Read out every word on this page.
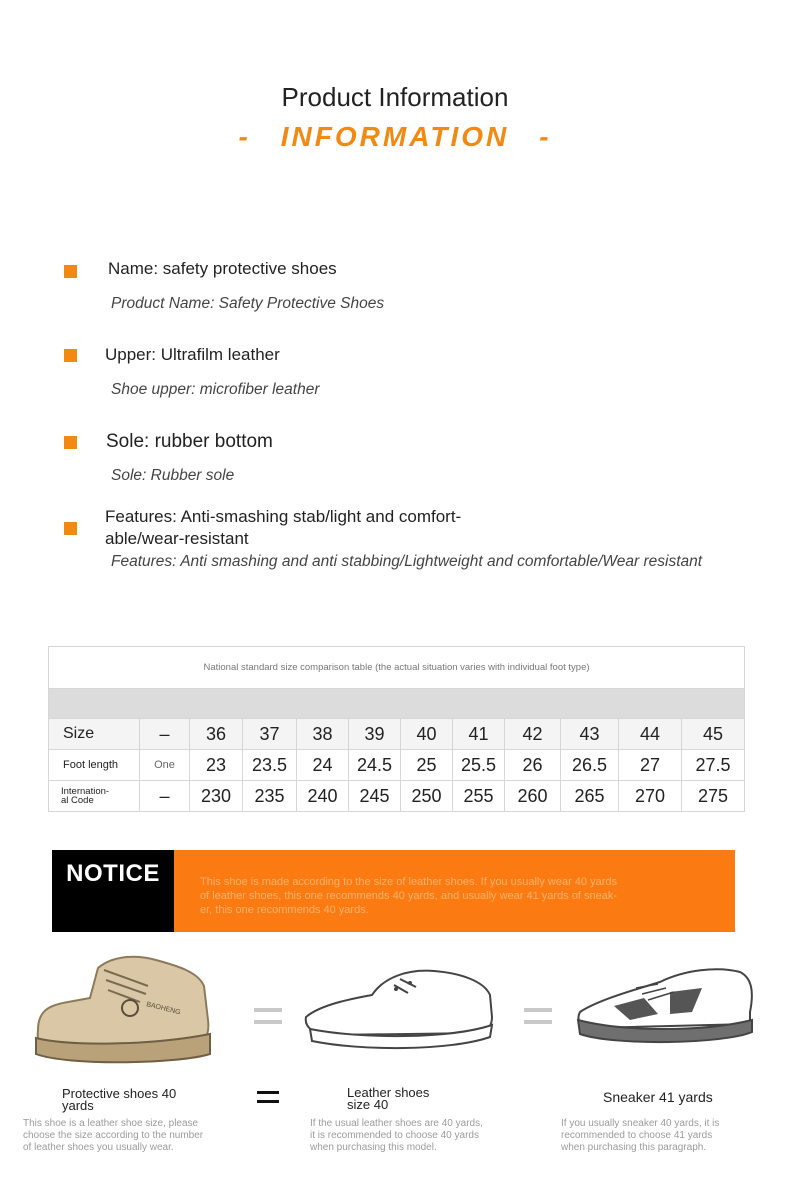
Product Information
- INFORMATION -
Name: safety protective shoes
Product Name: Safety Protective Shoes
Upper: Ultrafilm leather
Shoe upper: microfiber leather
Sole: rubber bottom
Sole: Rubber sole
Features: Anti-smashing stab/light and comfort-
able/wear-resistant
Features: Anti smashing and anti stabbing/Lightweight and comfortable/Wear resistant
National standard size comparison table (the actual situation varies with individual foot type)											

Size	–	36	37	38	39	40	41	42	43	44	45
Foot length	One	23	23.5	24	24.5	25	25.5	26	26.5	27	27.5

Internation-
al Code	–	230	235	240	245	250	255	260	265	270	275
NOTICE	This shoe is made according to the size of leather shoes. If you usually wear 40 yards
of leather shoes, this one recommends 40 yards, and usually wear 41 yards of sneak-
er, this one recommends 40 yards.
BAOHENG
Protective shoes 40
yards
This shoe is a leather shoe size, please
choose the size according to the number
of leather shoes you usually wear.
Leather shoes
size 40
If the usual leather shoes are 40 yards,
it is recommended to choose 40 yards
when purchasing this model.
Sneaker 41 yards
If you usually sneaker 40 yards, it is
recommended to choose 41 yards
when purchasing this paragraph.
